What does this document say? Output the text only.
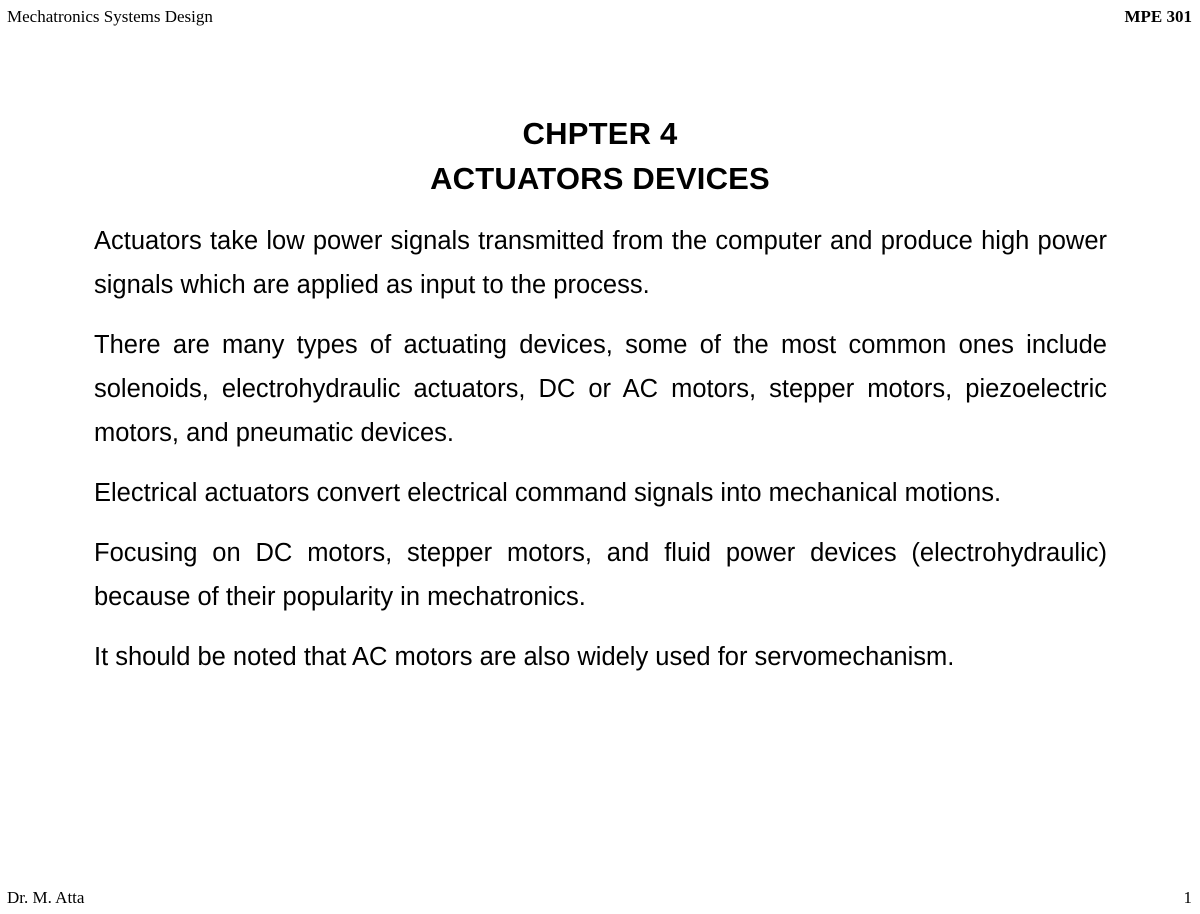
Mechatronics Systems Design	MPE 301
CHPTER 4
ACTUATORS DEVICES

Actuators take low power signals transmitted from the computer and produce high power signals which are applied as input to the process.

There are many types of actuating devices, some of the most common ones include solenoids, electrohydraulic actuators, DC or AC motors, stepper motors, piezoelectric motors, and pneumatic devices.

Electrical actuators convert electrical command signals into mechanical motions.

Focusing on DC motors, stepper motors, and fluid power devices (electrohydraulic) because of their popularity in mechatronics.

It should be noted that AC motors are also widely used for servomechanism.

Dr. M. Atta	1
